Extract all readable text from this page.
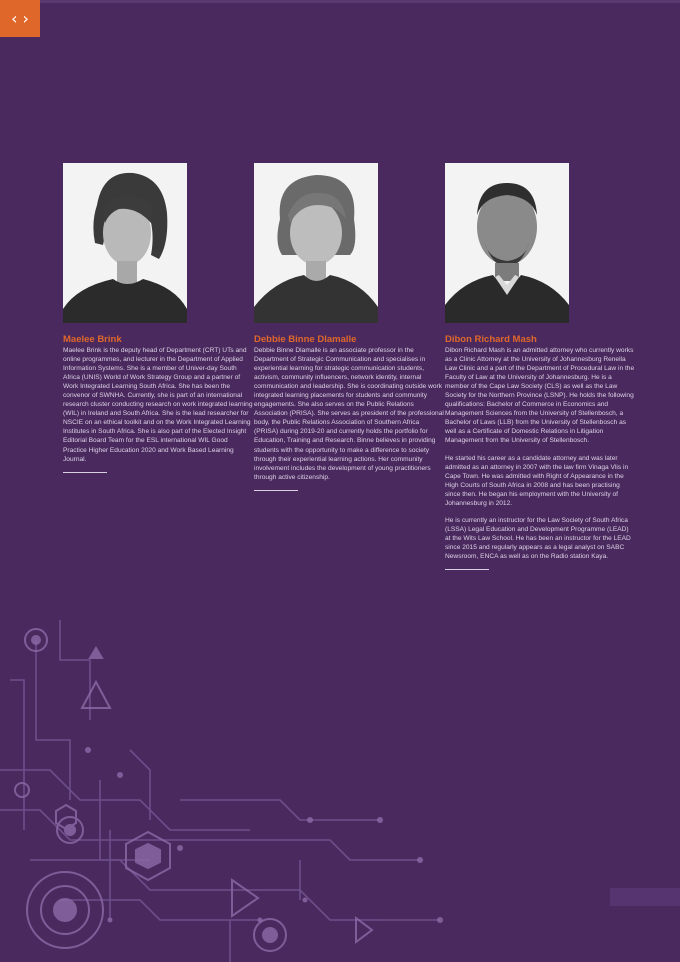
‹ ›
Maelee Brink

Maelee Brink is the deputy head of Department (CRT) UTs and online programmes, and lecturer in the Department of Applied Information Systems. She is a member of Univer-day South Africa (UNIS) World of Work Strategy Group and a partner of Work Integrated Learning South Africa. She has been the convenor of SWNHA. Currently, she is part of an international research cluster conducting research on work integrated learning (WIL) in Ireland and South Africa. She is the lead researcher for NSCIE on an ethical toolkit and on the Work Integrated Learning Institutes in South Africa. She is also part of the Elected Insight Editorial Board Team for the ESL international WIL Good Practice Higher Education 2020 and Work Based Learning Journal.

Debbie Binne Dlamalle

Debbie Binne Dlamalle is an associate professor in the Department of Strategic Communication and specialises in experiential learning for strategic communication students, activism, community influencers, network identity, internal communication and leadership. She is coordinating outside work integrated learning placements for students and community engagements. She also serves on the Public Relations Association (PRISA). She serves as president of the professional body, the Public Relations Association of Southern Africa (PRISA) during 2019-20 and currently holds the portfolio for Education, Training and Research. Binne believes in providing students with the opportunity to make a difference to society through their experiential learning actions. Her community involvement includes the development of young practitioners through active citizenship.

Dibon Richard Mash

Dibon Richard Mash is an admitted attorney who currently works as a Clinic Attorney at the University of Johannesburg Renella Law Clinic and a part of the Department of Procedural Law in the Faculty of Law at the University of Johannesburg. He is a member of the Cape Law Society (CLS) as well as the Law Society for the Northern Province (LSNP). He holds the following qualifications: Bachelor of Commerce in Economics and Management Sciences from the University of Stellenbosch, a Bachelor of Laws (LLB) from the University of Stellenbosch as well as a Certificate of Domestic Relations in Litigation Management from the University of Stellenbosch.

He started his career as a candidate attorney and was later admitted as an attorney in 2007 with the law firm Vinaga Vlis in Cape Town. He was admitted with Right of Appearance in the High Courts of South Africa in 2008 and has been practising since then. He began his employment with the University of Johannesburg in 2012.

He is currently an instructor for the Law Society of South Africa (LSSA) Legal Education and Development Programme (LEAD) at the Wits Law School. He has been an instructor for the LEAD since 2015 and regularly appears as a legal analyst on SABC Newsroom, ENCA as well as on the Radio station Kaya.
